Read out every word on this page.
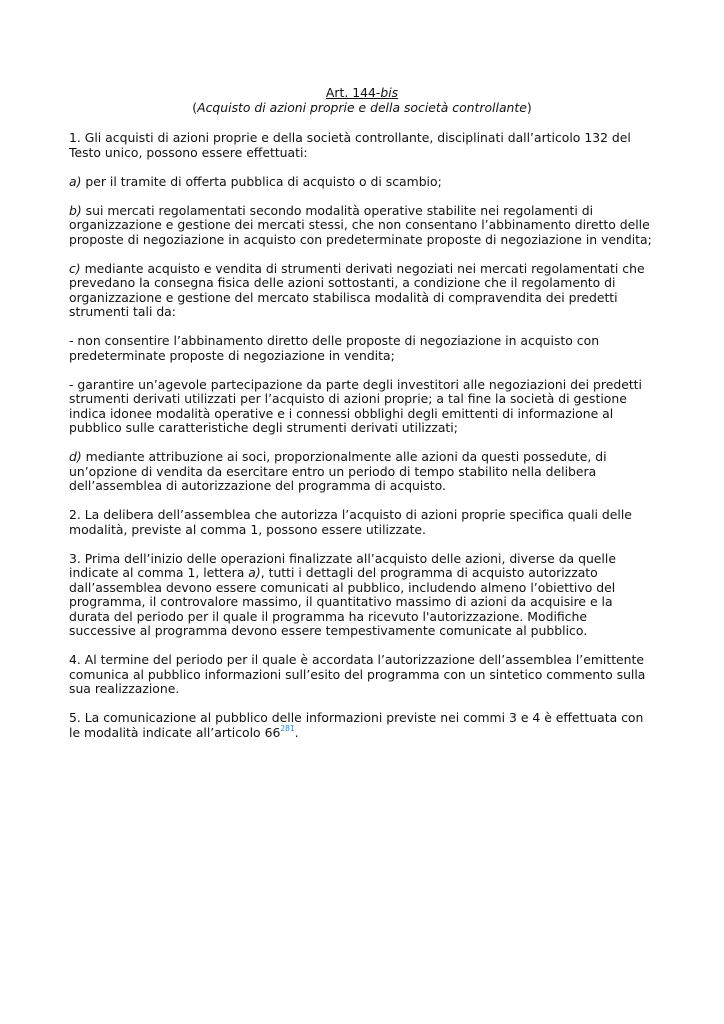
Art. 144-bis
(Acquisto di azioni proprie e della società controllante)

1. Gli acquisti di azioni proprie e della società controllante, disciplinati dall’articolo 132 del Testo unico, possono essere effettuati:

a) per il tramite di offerta pubblica di acquisto o di scambio;

b) sui mercati regolamentati secondo modalità operative stabilite nei regolamenti di organizzazione e gestione dei mercati stessi, che non consentano l’abbinamento diretto delle proposte di negoziazione in acquisto con predeterminate proposte di negoziazione in vendita;

c) mediante acquisto e vendita di strumenti derivati negoziati nei mercati regolamentati che prevedano la consegna fisica delle azioni sottostanti, a condizione che il regolamento di organizzazione e gestione del mercato stabilisca modalità di compravendita dei predetti strumenti tali da:

- non consentire l’abbinamento diretto delle proposte di negoziazione in acquisto con predeterminate proposte di negoziazione in vendita;

- garantire un’agevole partecipazione da parte degli investitori alle negoziazioni dei predetti strumenti derivati utilizzati per l’acquisto di azioni proprie; a tal fine la società di gestione indica idonee modalità operative e i connessi obblighi degli emittenti di informazione al pubblico sulle caratteristiche degli strumenti derivati utilizzati;

d) mediante attribuzione ai soci, proporzionalmente alle azioni da questi possedute, di un’opzione di vendita da esercitare entro un periodo di tempo stabilito nella delibera dell’assemblea di autorizzazione del programma di acquisto.

2. La delibera dell’assemblea che autorizza l’acquisto di azioni proprie specifica quali delle modalità, previste al comma 1, possono essere utilizzate.

3. Prima dell’inizio delle operazioni finalizzate all’acquisto delle azioni, diverse da quelle indicate al comma 1, lettera a), tutti i dettagli del programma di acquisto autorizzato dall’assemblea devono essere comunicati al pubblico, includendo almeno l’obiettivo del programma, il controvalore massimo, il quantitativo massimo di azioni da acquisire e la durata del periodo per il quale il programma ha ricevuto l'autorizzazione. Modifiche successive al programma devono essere tempestivamente comunicate al pubblico.

4. Al termine del periodo per il quale è accordata l’autorizzazione dell’assemblea l’emittente comunica al pubblico informazioni sull’esito del programma con un sintetico commento sulla sua realizzazione.

5. La comunicazione al pubblico delle informazioni previste nei commi 3 e 4 è effettuata con le modalità indicate all’articolo 66$^{281}$.
